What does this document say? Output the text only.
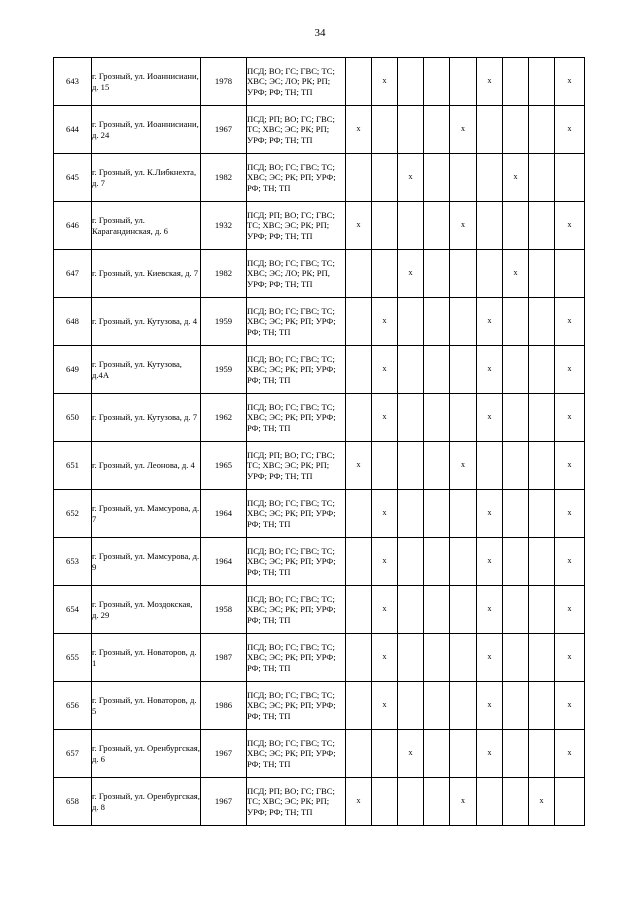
34
643	г. Грозный, ул. Иоаннисиани, д. 15	1978	ПСД; ВО; ГС; ГВС; ТС; ХВС; ЭС; ЛО; РК; РП; УРФ; РФ; ТН; ТП		x				x			x
644	г. Грозный, ул. Иоаннисиани, д. 24	1967	ПСД; РП; ВО; ГС; ГВС; ТС; ХВС; ЭС; РК; РП; УРФ; РФ; ТН; ТП	x				x				x
645	г. Грозный, ул. К.Либкнехта, д. 7	1982	ПСД; ВО; ГС; ГВС; ТС; ХВС; ЭС; РК; РП; УРФ; РФ; ТН; ТП			x				x		
646	г. Грозный, ул. Карагандинская, д. 6	1932	ПСД; РП; ВО; ГС; ГВС; ТС; ХВС; ЭС; РК; РП; УРФ; РФ; ТН; ТП	x				x				x
647	г. Грозный, ул. Киевская, д. 7	1982	ПСД; ВО; ГС; ГВС; ТС; ХВС; ЭС; ЛО; РК; РП, УРФ; РФ; ТН; ТП			x				x		
648	г. Грозный, ул. Кутузова, д. 4	1959	ПСД; ВО; ГС; ГВС; ТС; ХВС; ЭС; РК; РП; УРФ; РФ; ТН; ТП		x				x			x
649	г. Грозный, ул. Кутузова, д.4А	1959	ПСД; ВО; ГС; ГВС; ТС; ХВС; ЭС; РК; РП; УРФ; РФ; ТН; ТП		x				x			x
650	г. Грозный, ул. Кутузова, д. 7	1962	ПСД; ВО; ГС; ГВС; ТС; ХВС; ЭС; РК; РП; УРФ; РФ; ТН; ТП		x				x			x
651	г. Грозный, ул. Леонова, д. 4	1965	ПСД; РП; ВО; ГС; ГВС; ТС; ХВС; ЭС; РК; РП; УРФ; РФ; ТН; ТП	x				x				x
652	г. Грозный, ул. Мамсурова, д. 7	1964	ПСД; ВО; ГС; ГВС; ТС; ХВС; ЭС; РК; РП; УРФ; РФ; ТН; ТП		x				x			x
653	г. Грозный, ул. Мамсурова, д. 9	1964	ПСД; ВО; ГС; ГВС; ТС; ХВС; ЭС; РК; РП; УРФ; РФ; ТН; ТП		x				x			x
654	г. Грозный, ул. Моздокская, д. 29	1958	ПСД; ВО; ГС; ГВС; ТС; ХВС; ЭС; РК; РП; УРФ; РФ; ТН; ТП		x				x			x
655	г. Грозный, ул. Новаторов, д. 1	1987	ПСД; ВО; ГС; ГВС; ТС; ХВС; ЭС; РК; РП; УРФ; РФ; ТН; ТП		x				x			x
656	г. Грозный, ул. Новаторов, д. 5	1986	ПСД; ВО; ГС; ГВС; ТС; ХВС; ЭС; РК; РП; УРФ; РФ; ТН; ТП		x				x			x
657	г. Грозный, ул. Оренбургская, д. 6	1967	ПСД; ВО; ГС; ГВС; ТС; ХВС; ЭС; РК; РП; УРФ; РФ; ТН; ТП			x			x			x
658	г. Грозный, ул. Оренбургская, д. 8	1967	ПСД; РП; ВО; ГС; ГВС; ТС; ХВС; ЭС; РК; РП; УРФ; РФ; ТН; ТП	x				x			x	
